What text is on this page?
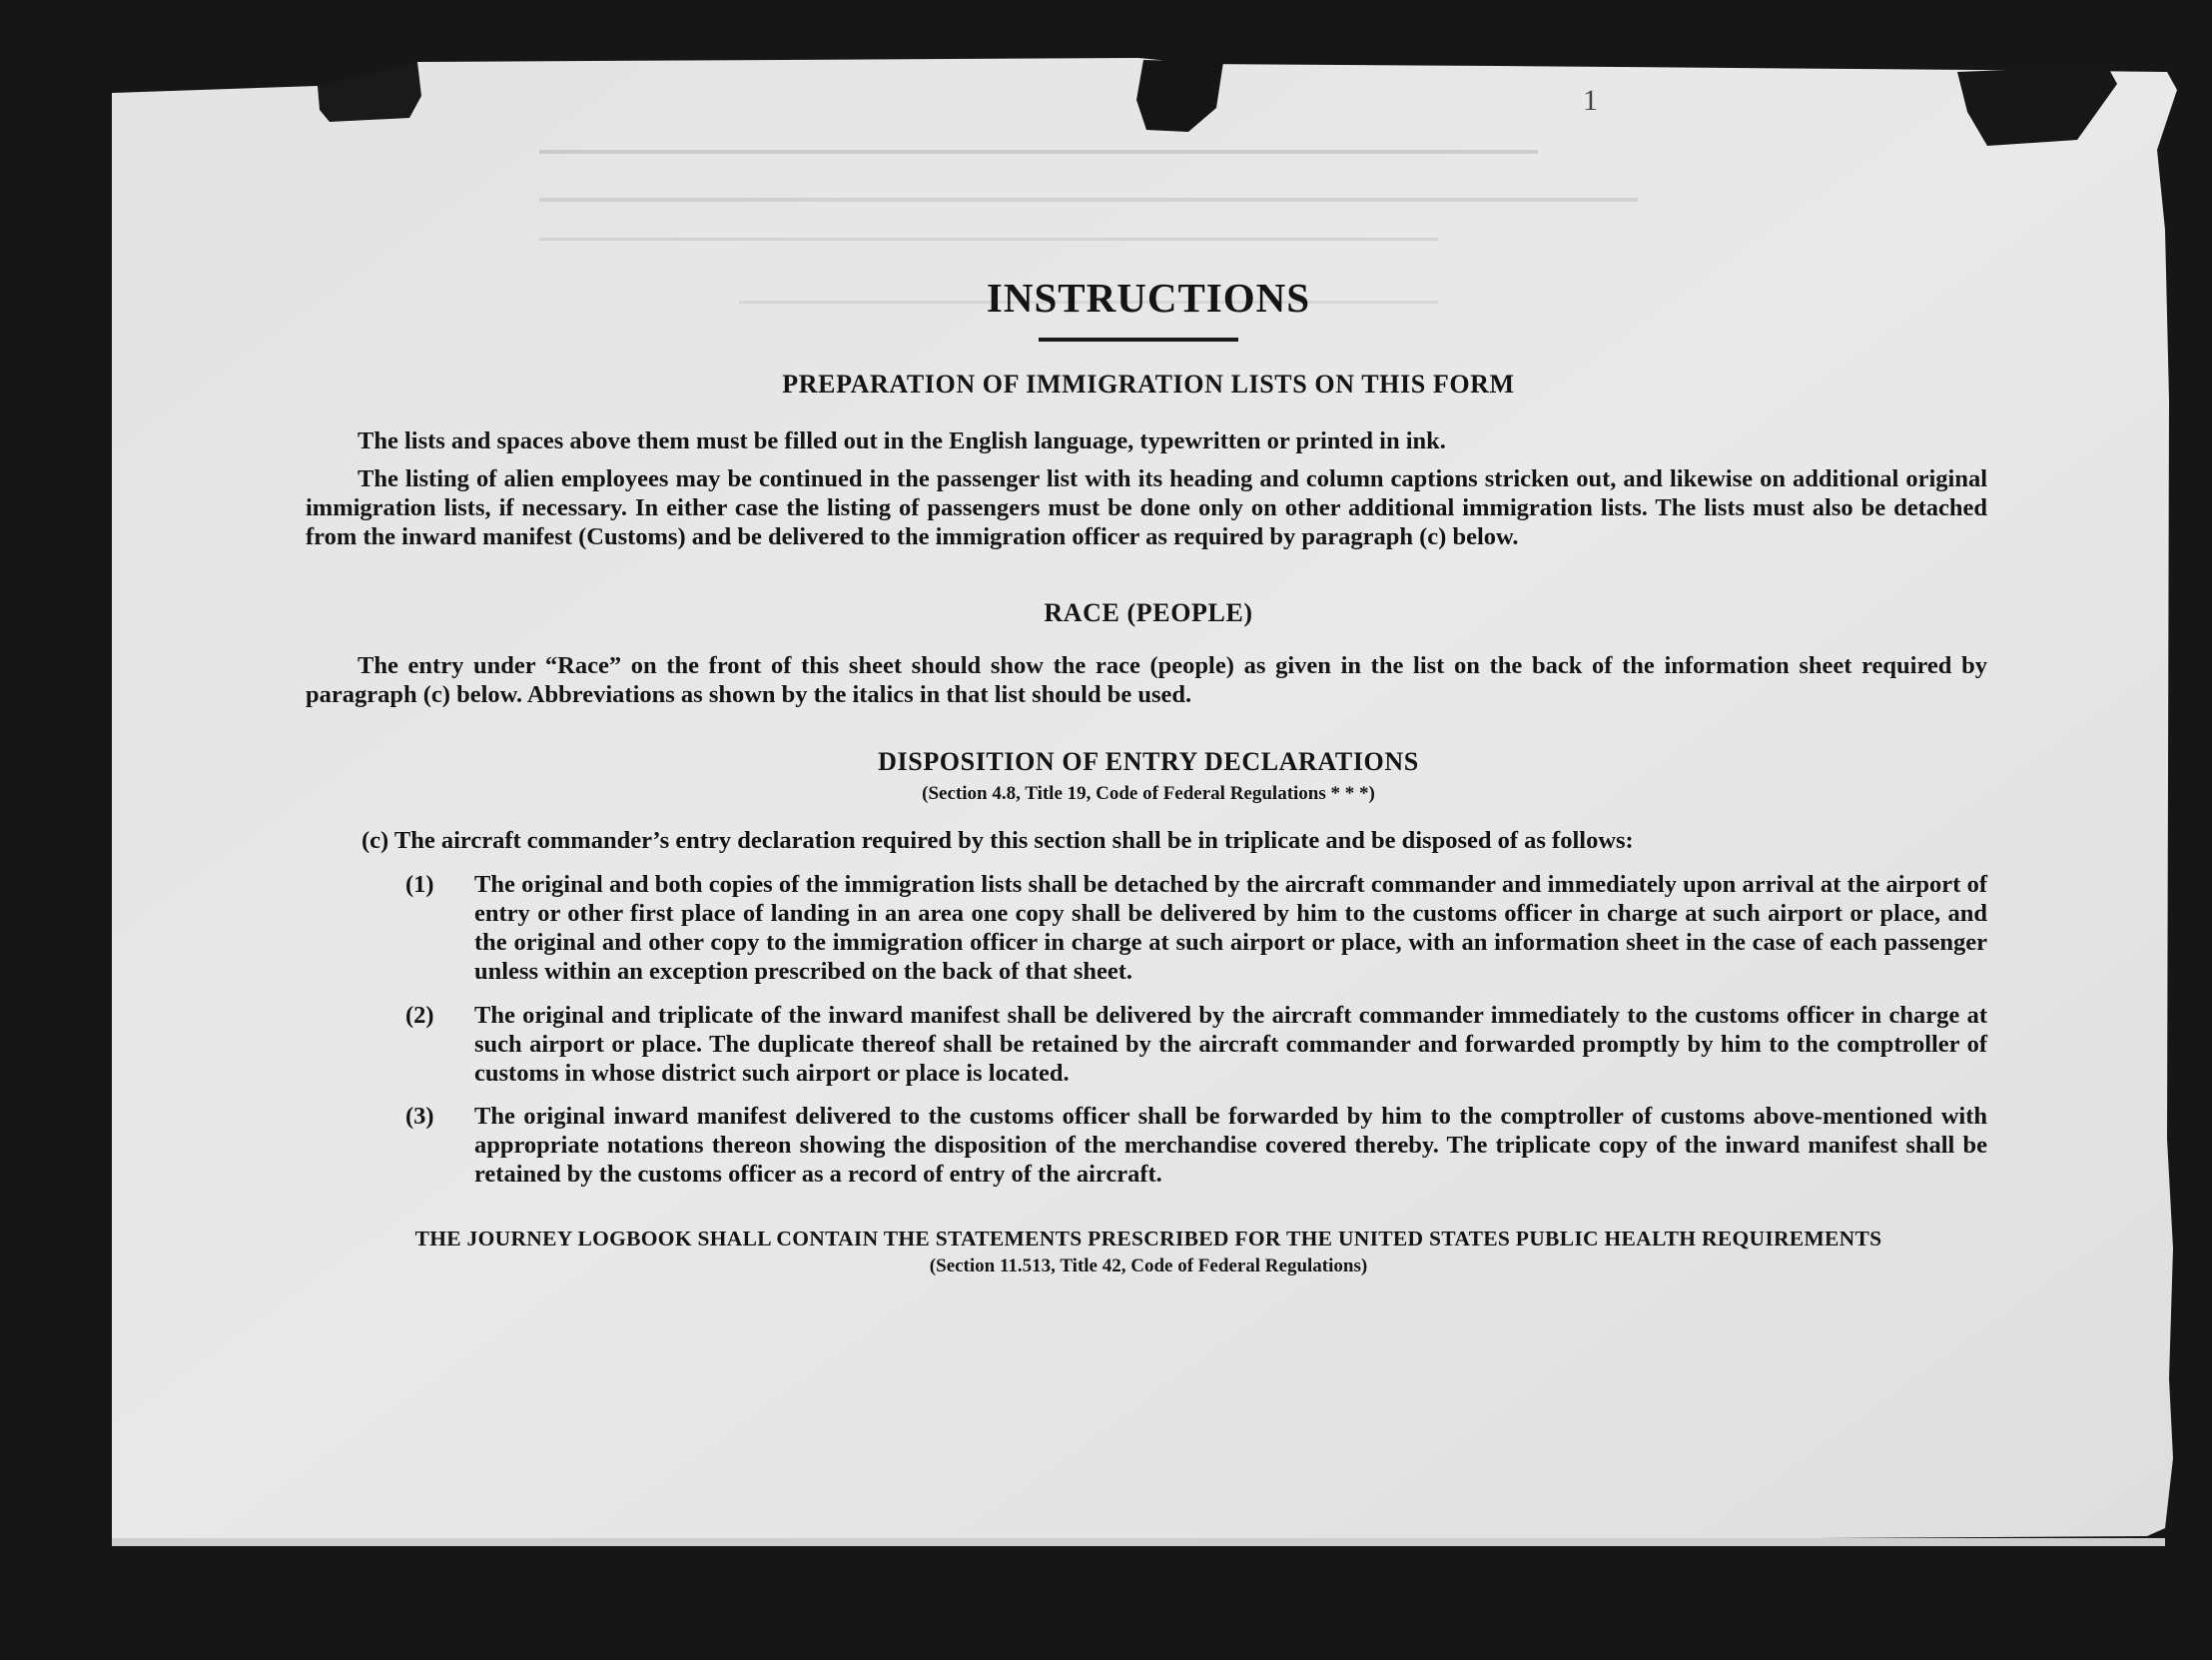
1
INSTRUCTIONS
PREPARATION OF IMMIGRATION LISTS ON THIS FORM
The lists and spaces above them must be filled out in the English language, typewritten or printed in ink.
The listing of alien employees may be continued in the passenger list with its heading and column captions stricken out, and likewise on additional original immigration lists, if necessary. In either case the listing of passengers must be done only on other additional immigration lists. The lists must also be detached from the inward manifest (Customs) and be delivered to the immigration officer as required by paragraph (c) below.
RACE (PEOPLE)
The entry under “Race” on the front of this sheet should show the race (people) as given in the list on the back of the information sheet required by paragraph (c) below. Abbreviations as shown by the italics in that list should be used.
DISPOSITION OF ENTRY DECLARATIONS
(Section 4.8, Title 19, Code of Federal Regulations * * *)
(c) The aircraft commander’s entry declaration required by this section shall be in triplicate and be disposed of as follows:
(1) The original and both copies of the immigration lists shall be detached by the aircraft commander and immediately upon arrival at the airport of entry or other first place of landing in an area one copy shall be delivered by him to the customs officer in charge at such airport or place, and the original and other copy to the immigration officer in charge at such airport or place, with an information sheet in the case of each passenger unless within an exception prescribed on the back of that sheet.
(2) The original and triplicate of the inward manifest shall be delivered by the aircraft commander immediately to the customs officer in charge at such airport or place. The duplicate thereof shall be retained by the aircraft commander and forwarded promptly by him to the comptroller of customs in whose district such airport or place is located.
(3) The original inward manifest delivered to the customs officer shall be forwarded by him to the comptroller of customs above-mentioned with appropriate notations thereon showing the disposition of the merchandise covered thereby. The triplicate copy of the inward manifest shall be retained by the customs officer as a record of entry of the aircraft.
THE JOURNEY LOGBOOK SHALL CONTAIN THE STATEMENTS PRESCRIBED FOR THE UNITED STATES PUBLIC HEALTH REQUIREMENTS
(Section 11.513, Title 42, Code of Federal Regulations)
